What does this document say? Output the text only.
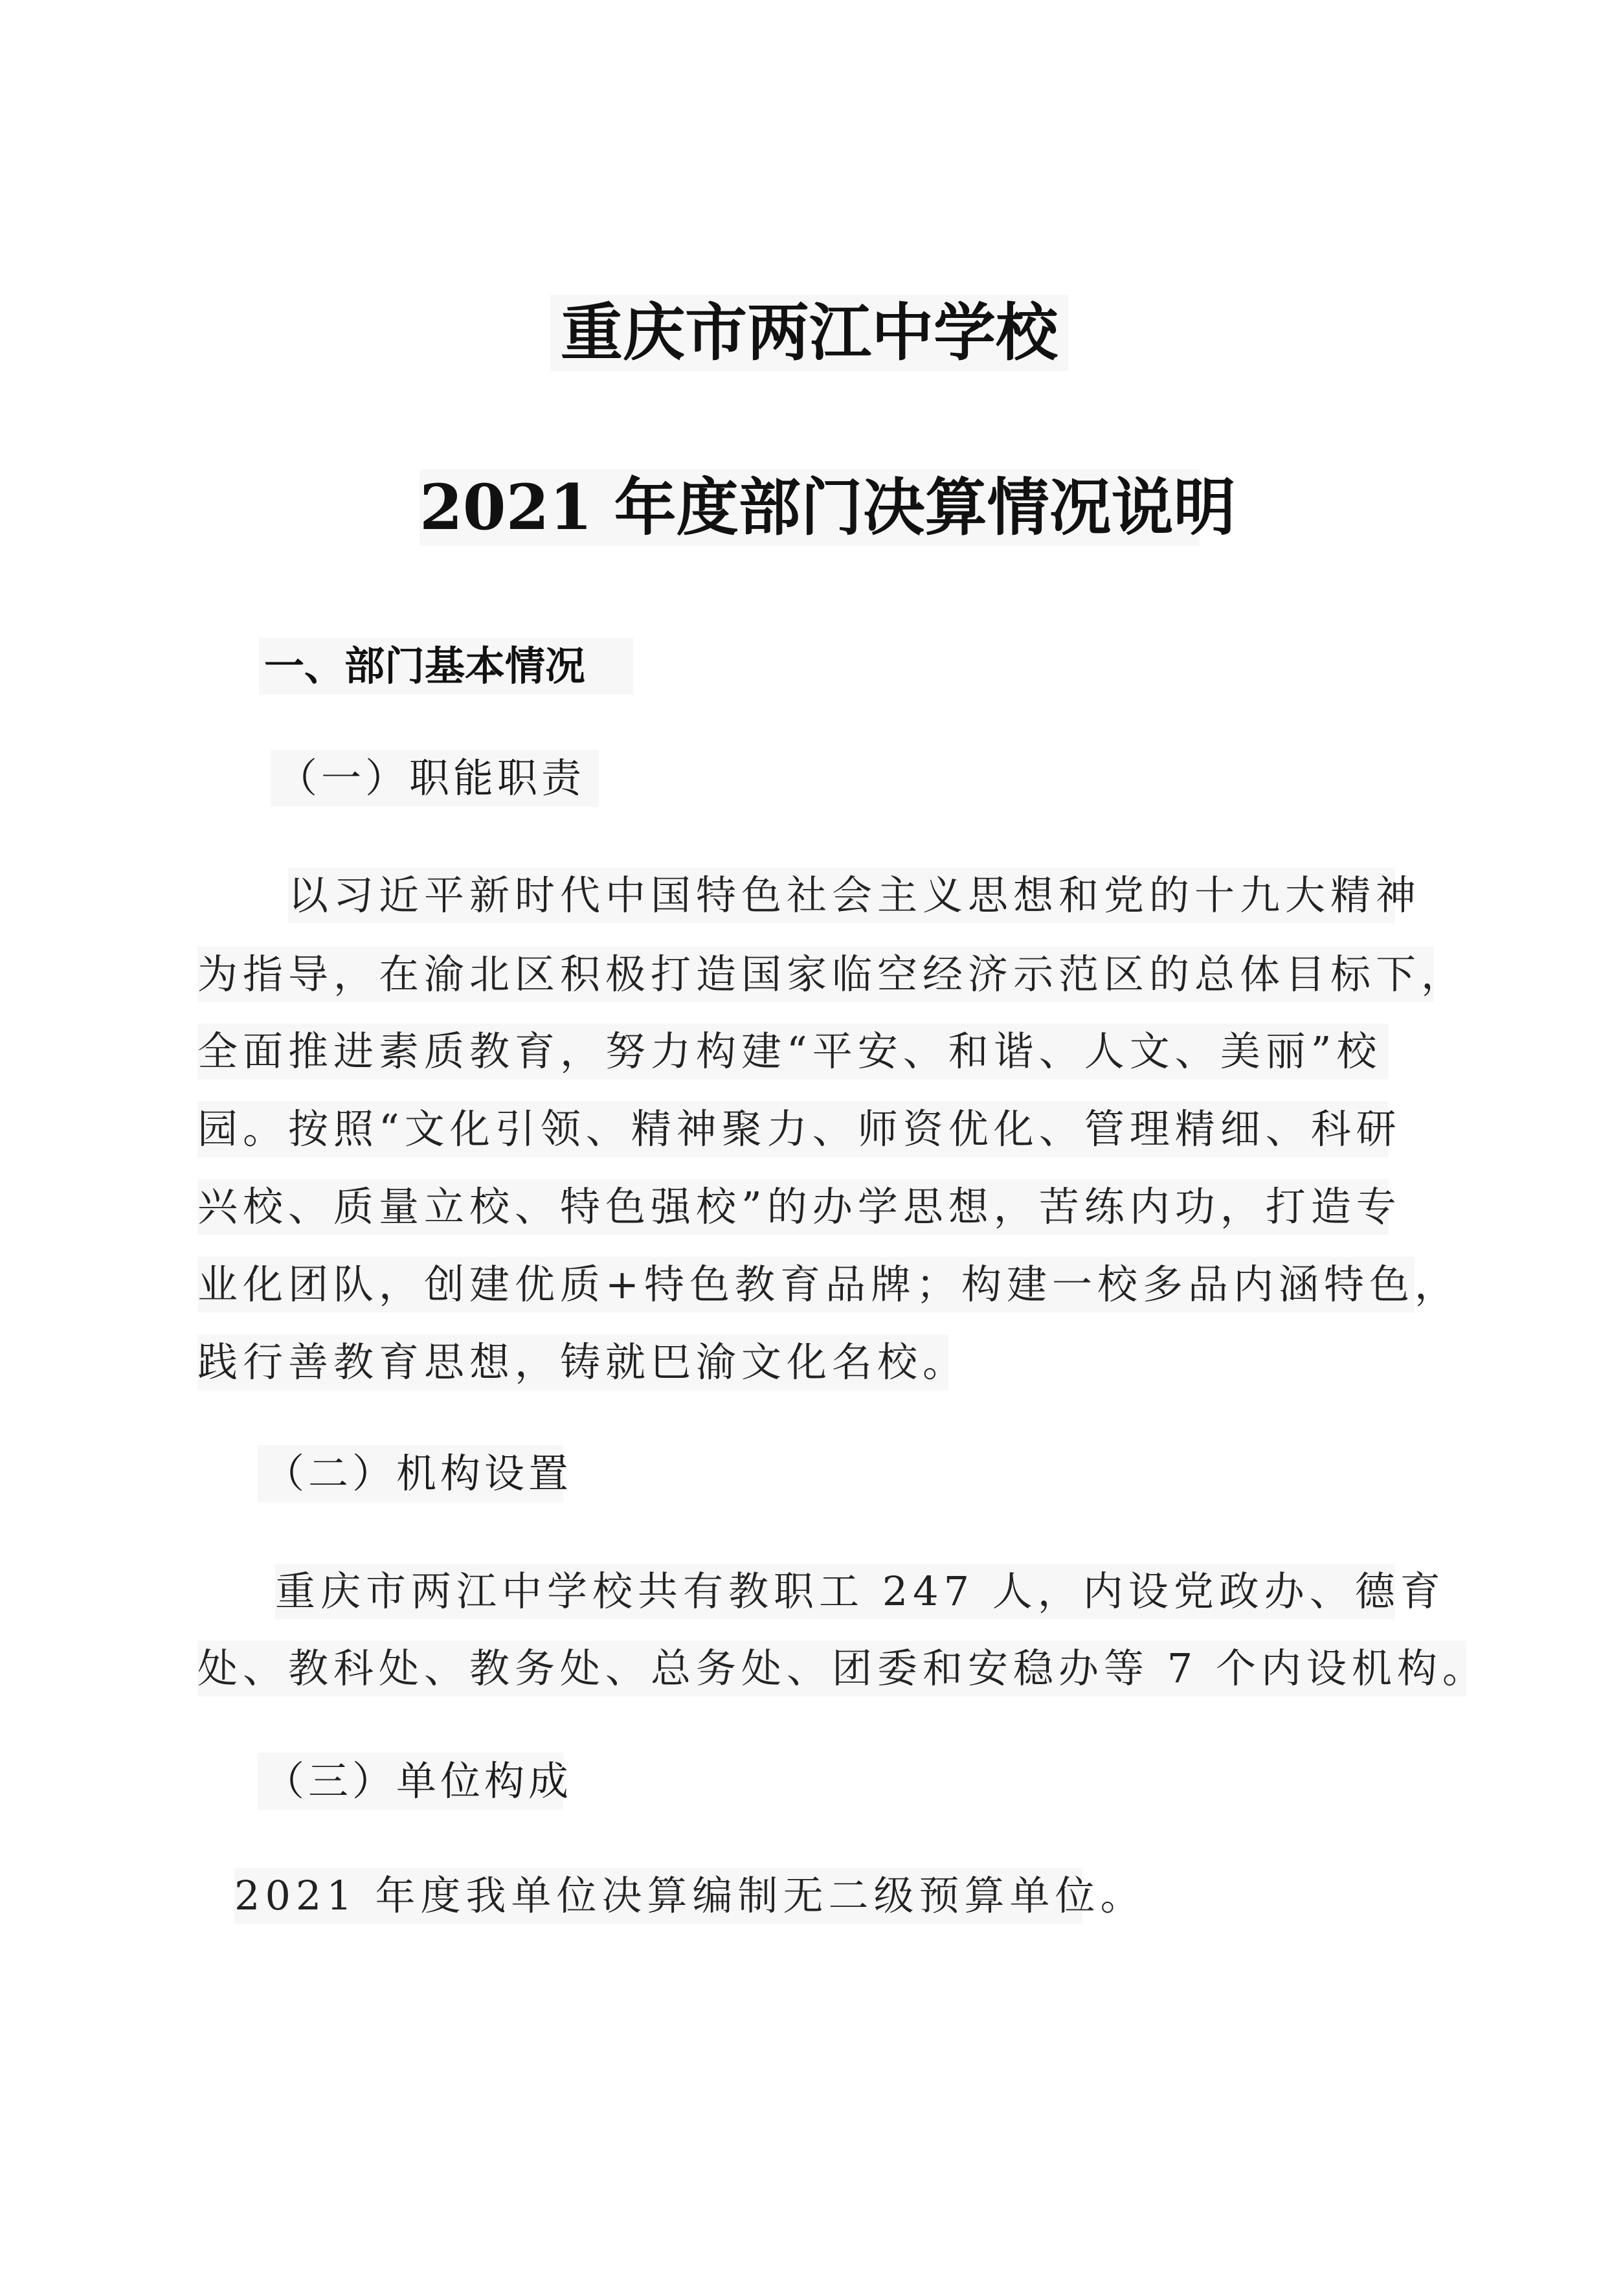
重庆市两江中学校
2021 年度部门决算情况说明
一、部门基本情况
（一）职能职责
以习近平新时代中国特色社会主义思想和党的十九大精神
为指导，在渝北区积极打造国家临空经济示范区的总体目标下，
全面推进素质教育，努力构建“平安、和谐、人文、美丽”校
园。按照“文化引领、精神聚力、师资优化、管理精细、科研
兴校、质量立校、特色强校”的办学思想，苦练内功，打造专
业化团队，创建优质+特色教育品牌；构建一校多品内涵特色，
践行善教育思想，铸就巴渝文化名校。
（二）机构设置
重庆市两江中学校共有教职工 247 人，内设党政办、德育
处、教科处、教务处、总务处、团委和安稳办等 7 个内设机构。
（三）单位构成
2021 年度我单位决算编制无二级预算单位。
